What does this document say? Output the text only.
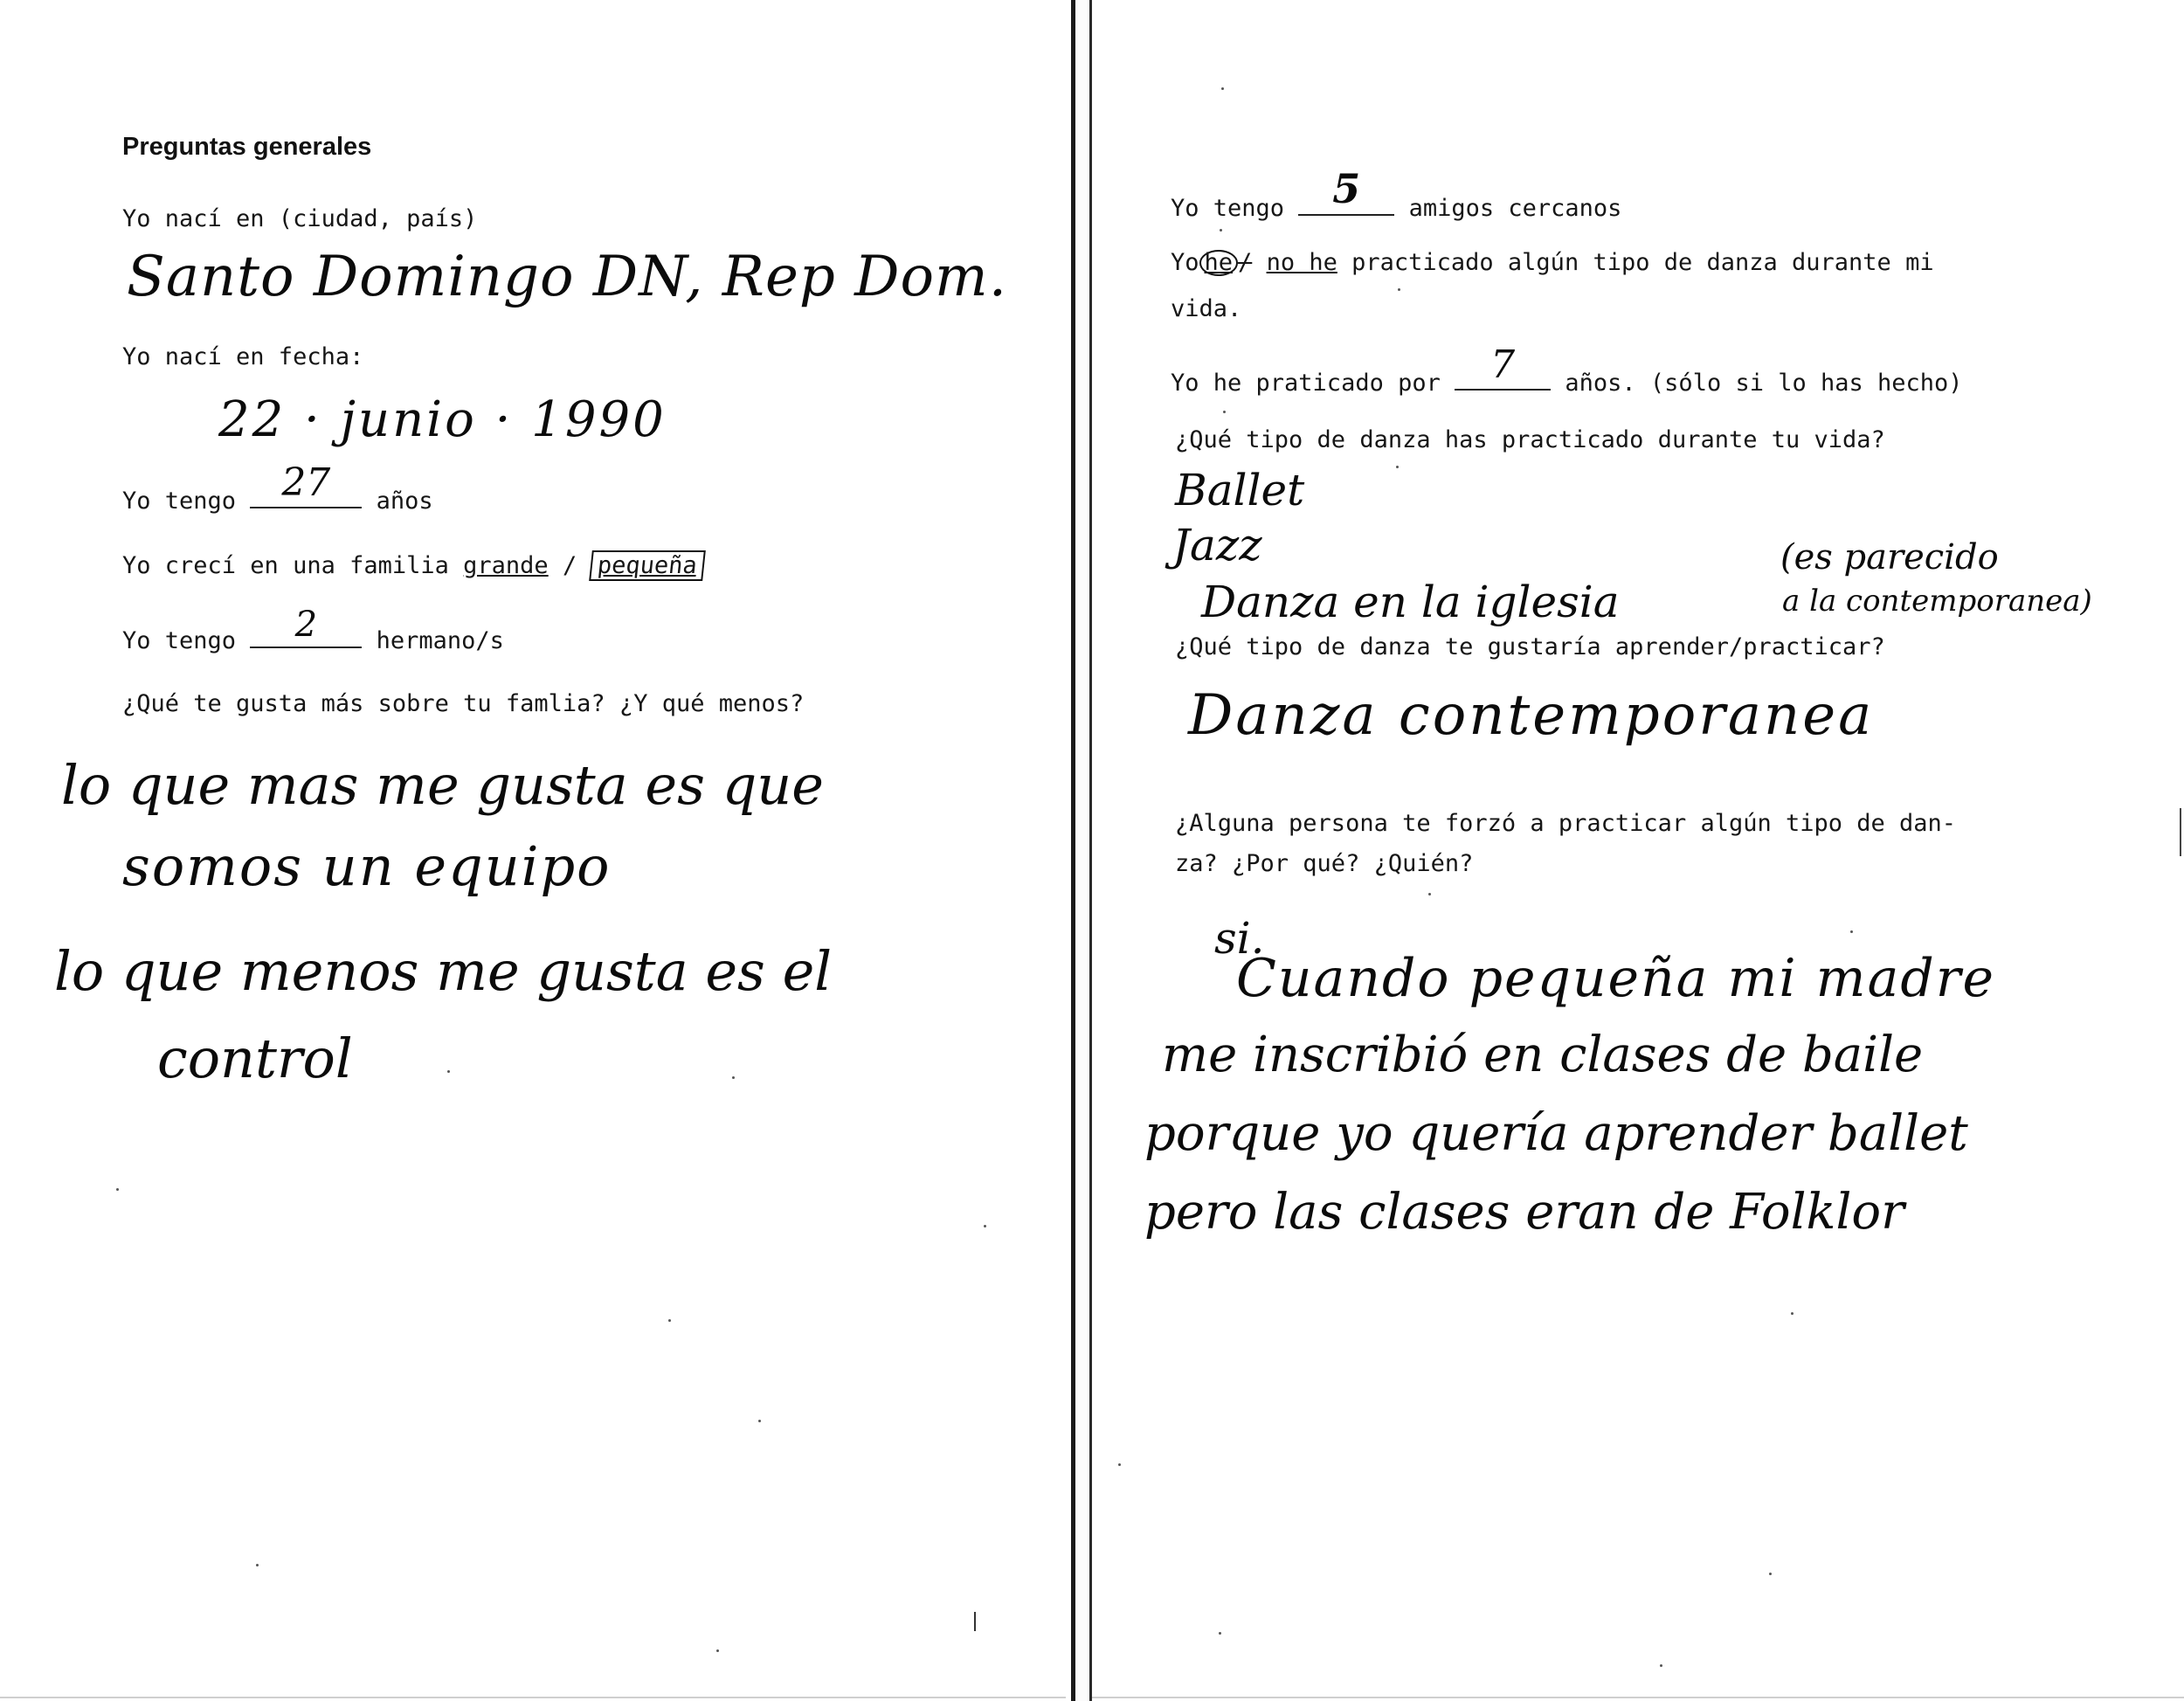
Preguntas generales
Yo nací en (ciudad, país)
Santo Domingo DN, Rep Dom.
Yo nací en fecha:
22 · junio · 1990
Yo tengo	27	años
Yo crecí en una familia grande / pequeña
Yo tengo	2	hermano/s
¿Qué te gusta más sobre tu famlia? ¿Y qué menos?
lo que mas me gusta es que
somos un equipo
lo que menos me gusta es el
control
Yo tengo	5	amigos cercanos
Yo he / no he practicado algún tipo de danza durante mi
vida.
Yo he praticado por	7	años. (sólo si lo has hecho)
¿Qué tipo de danza has practicado durante tu vida?
Ballet
Jazz
Danza en la iglesia
(es parecido
a la contemporanea)
¿Qué tipo de danza te gustaría aprender/practicar?
Danza contemporanea
¿Alguna persona te forzó a practicar algún tipo de dan-
za? ¿Por qué? ¿Quién?
si.
Cuando pequeña mi madre
me inscribió en clases de baile
porque yo quería aprender ballet
pero las clases eran de Folklor
